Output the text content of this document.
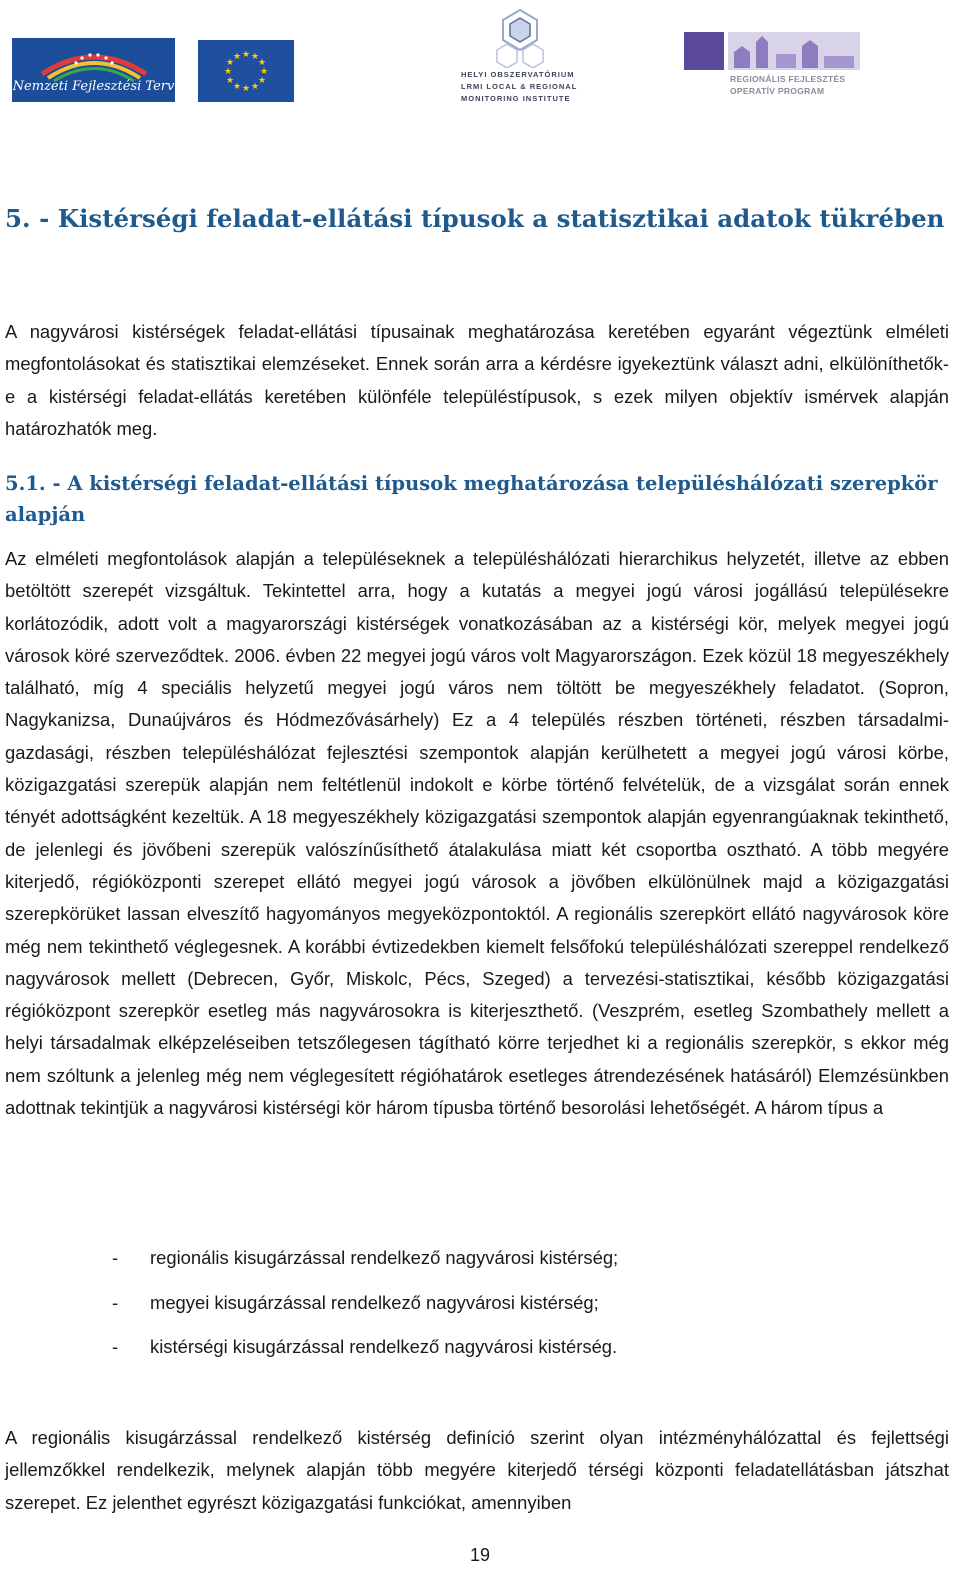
Nemzeti Fejlesztési Terv
★ ★
★
★
★
★
★
★
★
★
★
★
HELYI OBSZERVATÓRIUM
LRMI LOCAL & REGIONAL
MONITORING INSTITUTE
REGIONÁLIS FEJLESZTÉS
OPERATÍV PROGRAM
5. - Kistérségi feladat-ellátási típusok a statisztikai adatok tükrében

A nagyvárosi kistérségek feladat-ellátási típusainak meghatározása keretében egyaránt végeztünk elméleti megfontolásokat és statisztikai elemzéseket. Ennek során arra a kérdésre igyekeztünk választ adni, elkülöníthetők-e a kistérségi feladat-ellátás keretében különféle településtípusok, s ezek milyen objektív ismérvek alapján határozhatók meg.

5.1. - A kistérségi feladat-ellátási típusok meghatározása településhálózati szerepkör alapján

Az elméleti megfontolások alapján a településeknek a településhálózati hierarchikus helyzetét, illetve az ebben betöltött szerepét vizsgáltuk. Tekintettel arra, hogy a kutatás a megyei jogú városi jogállású településekre korlátozódik, adott volt a magyarországi kistérségek vonatkozásában az a kistérségi kör, melyek megyei jogú városok köré szerveződtek. 2006. évben 22 megyei jogú város volt Magyarországon. Ezek közül 18 megyeszékhely található, míg 4 speciális helyzetű megyei jogú város nem töltött be megyeszékhely feladatot. (Sopron, Nagykanizsa, Dunaújváros és Hódmezővásárhely) Ez a 4 település részben történeti, részben társadalmi-gazdasági, részben településhálózat fejlesztési szempontok alapján kerülhetett a megyei jogú városi körbe, közigazgatási szerepük alapján nem feltétlenül indokolt e körbe történő felvételük, de a vizsgálat során ennek tényét adottságként kezeltük. A 18 megyeszékhely közigazgatási szempontok alapján egyenrangúaknak tekinthető, de jelenlegi és jövőbeni szerepük valószínűsíthető átalakulása miatt két csoportba osztható. A több megyére kiterjedő, régióközponti szerepet ellátó megyei jogú városok a jövőben elkülönülnek majd a közigazgatási szerepkörüket lassan elveszítő hagyományos megyeközpontoktól. A regionális szerepkört ellátó nagyvárosok köre még nem tekinthető véglegesnek. A korábbi évtizedekben kiemelt felsőfokú településhálózati szereppel rendelkező nagyvárosok mellett (Debrecen, Győr, Miskolc, Pécs, Szeged) a tervezési-statisztikai, később közigazgatási régióközpont szerepkör esetleg más nagyvárosokra is kiterjeszthető. (Veszprém, esetleg Szombathely mellett a helyi társadalmak elképzeléseiben tetszőlegesen tágítható körre terjedhet ki a regionális szerepkör, s ekkor még nem szóltunk a jelenleg még nem véglegesített régióhatárok esetleges átrendezésének hatásáról) Elemzésünkben adottnak tekintjük a nagyvárosi kistérségi kör három típusba történő besorolási lehetőségét. A három típus a

- regionális kisugárzással rendelkező nagyvárosi kistérség;
- megyei kisugárzással rendelkező nagyvárosi kistérség;
- kistérségi kisugárzással rendelkező nagyvárosi kistérség.

A regionális kisugárzással rendelkező kistérség definíció szerint olyan intézményhálózattal és fejlettségi jellemzőkkel rendelkezik, melynek alapján több megyére kiterjedő térségi központi feladatellátásban játszhat szerepet. Ez jelenthet egyrészt közigazgatási funkciókat, amennyiben

19
